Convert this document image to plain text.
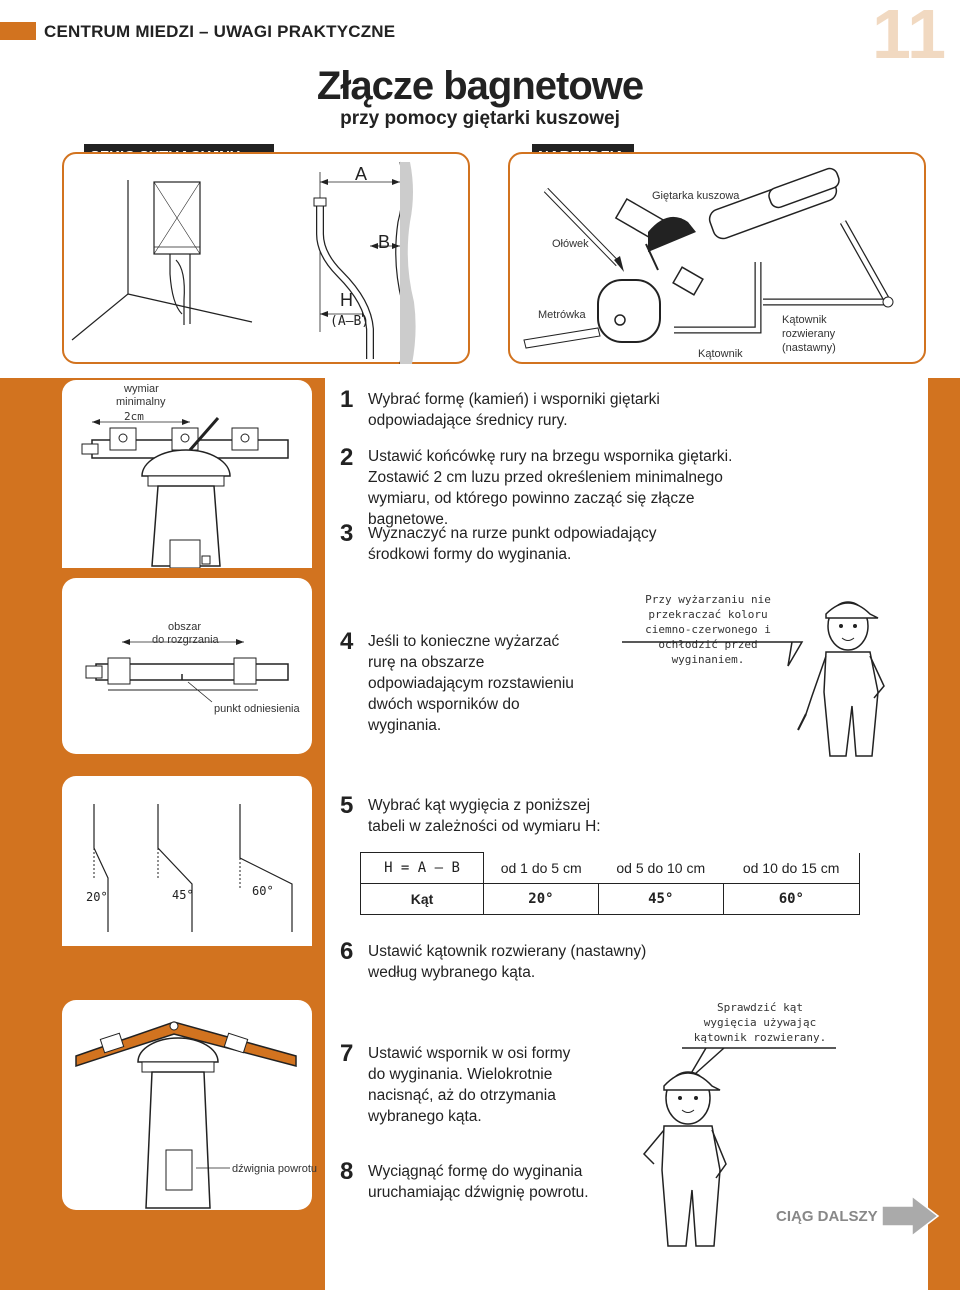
CENTRUM MIEDZI – UWAGI PRAKTYCZNE	11
Złącze bagnetowe
przy pomocy giętarki kuszowej
A
B
H
(A–B)
Giętarka kuszowa
Ołówek
Metrówka
Kątownik
Kątownik rozwierany (nastawny)
wymiar
minimalny
2cm
1 Wybrać formę (kamień) i wsporniki giętarki odpowiadające średnicy rury.
2 Ustawić końcówkę rury na brzegu wspornika giętarki. Zostawić 2 cm luzu przed określeniem minimalnego wymiaru, od którego powinno zacząć się złącze bagnetowe.
3 Wyznaczyć na rurze punkt odpowiadający środkowi formy do wyginania.
obszar
do rozgrzania
punkt odniesienia
4 Jeśli to konieczne wyżarzać rurę na obszarze odpowiadającym rozstawieniu dwóch wsporników do wyginania.
Przy wyżarzaniu nie przekraczać koloru ciemno-czerwonego i ochłodzić przed wyginaniem.
20°	45°	60°
5 Wybrać kąt wygięcia z poniższej tabeli w zależności od wymiaru H:
H = A – B	od 1 do 5 cm	od 5 do 10 cm	od 10 do 15 cm
Kąt	20°	45°	60°
6 Ustawić kątownik rozwierany (nastawny) według wybranego kąta.
dźwignia powrotu
Sprawdzić kąt wygięcia używając kątownik rozwierany.
7 Ustawić wspornik w osi formy do wyginania. Wielokrotnie nacisnąć, aż do otrzymania wybranego kąta.
8 Wyciągnąć formę do wyginania uruchamiając dźwignię powrotu.
CIĄG DALSZY
